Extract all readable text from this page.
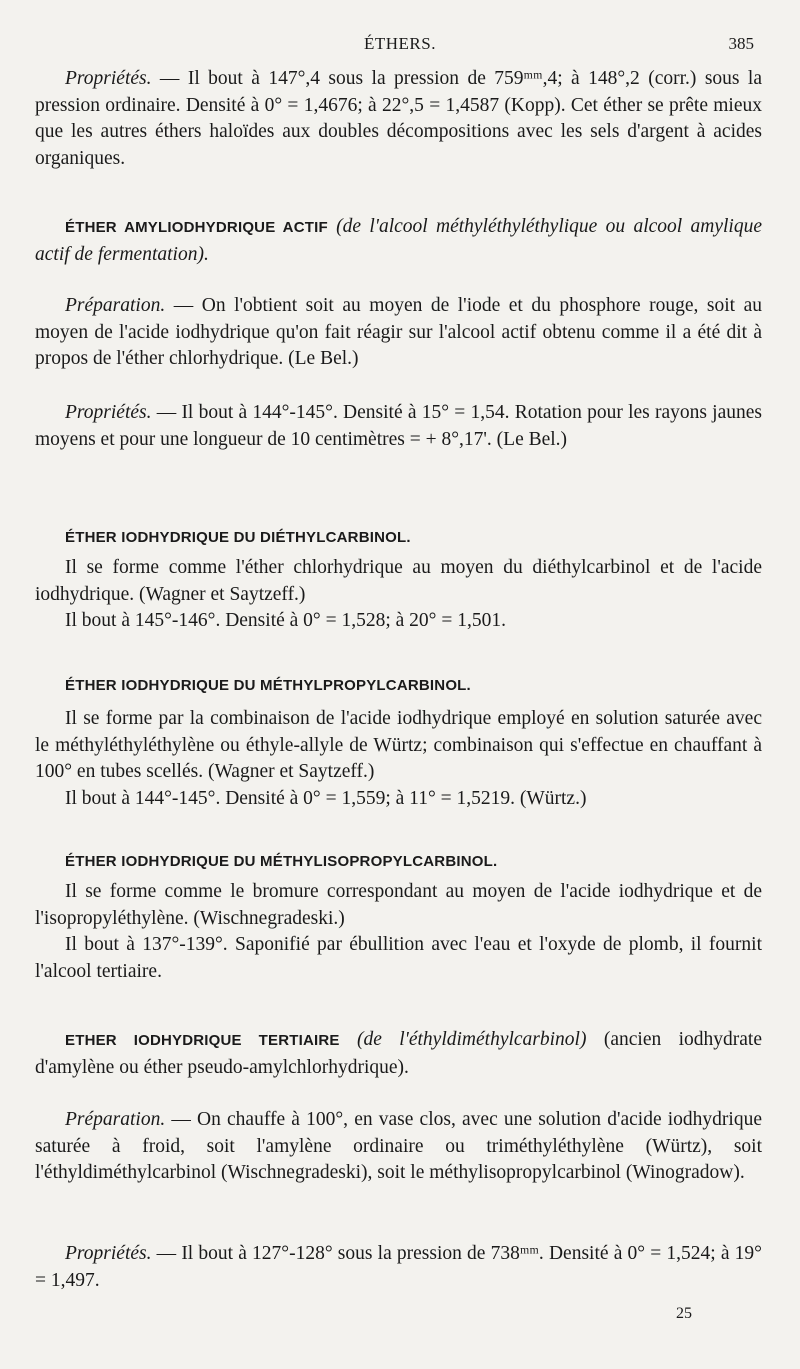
ÉTHERS.	385

Propriétés. — Il bout à 147°,4 sous la pression de 759ᵐᵐ,4; à 148°,2 (corr.) sous la pression ordinaire. Densité à 0° = 1,4676; à 22°,5 = 1,4587 (Kopp). Cet éther se prête mieux que les autres éthers haloïdes aux doubles décompositions avec les sels d'argent à acides organiques.

ÉTHER AMYLIODHYDRIQUE ACTIF (de l'alcool méthyléthyléthylique ou alcool amylique actif de fermentation).

Préparation. — On l'obtient soit au moyen de l'iode et du phosphore rouge, soit au moyen de l'acide iodhydrique qu'on fait réagir sur l'alcool actif obtenu comme il a été dit à propos de l'éther chlorhydrique. (Le Bel.)

Propriétés. — Il bout à 144°-145°. Densité à 15° = 1,54. Rotation pour les rayons jaunes moyens et pour une longueur de 10 centimètres = + 8°,17'. (Le Bel.)

ÉTHER IODHYDRIQUE DU DIÉTHYLCARBINOL.

Il se forme comme l'éther chlorhydrique au moyen du diéthylcarbinol et de l'acide iodhydrique. (Wagner et Saytzeff.)

Il bout à 145°-146°. Densité à 0° = 1,528; à 20° = 1,501.

ÉTHER IODHYDRIQUE DU MÉTHYLPROPYLCARBINOL.

Il se forme par la combinaison de l'acide iodhydrique employé en solution saturée avec le méthyléthyléthylène ou éthyle-allyle de Würtz; combinaison qui s'effectue en chauffant à 100° en tubes scellés. (Wagner et Saytzeff.)

Il bout à 144°-145°. Densité à 0° = 1,559; à 11° = 1,5219. (Würtz.)

ÉTHER IODHYDRIQUE DU MÉTHYLISOPROPYLCARBINOL.

Il se forme comme le bromure correspondant au moyen de l'acide iodhydrique et de l'isopropyléthylène. (Wischnegradeski.)

Il bout à 137°-139°. Saponifié par ébullition avec l'eau et l'oxyde de plomb, il fournit l'alcool tertiaire.

ETHER IODHYDRIQUE TERTIAIRE (de l'éthyldiméthylcarbinol) (ancien iodhydrate d'amylène ou éther pseudo-amylchlorhydrique).

Préparation. — On chauffe à 100°, en vase clos, avec une solution d'acide iodhydrique saturée à froid, soit l'amylène ordinaire ou triméthyléthylène (Würtz), soit l'éthyldiméthylcarbinol (Wischnegradeski), soit le méthylisopropylcarbinol (Winogradow).

Propriétés. — Il bout à 127°-128° sous la pression de 738ᵐᵐ. Densité à 0° = 1,524; à 19° = 1,497.

25
